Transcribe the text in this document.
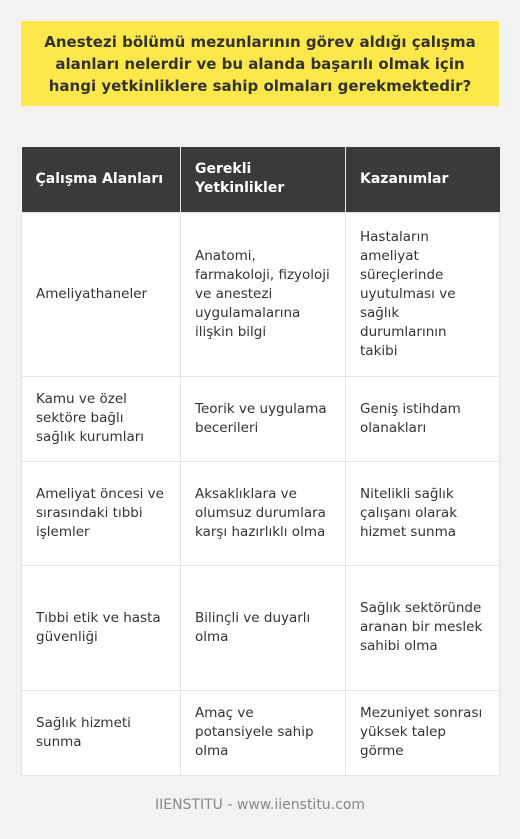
Anestezi bölümü mezunlarının görev aldığı çalışma alanları nelerdir ve bu alanda başarılı olmak için hangi yetkinliklere sahip olmaları gerekmektedir?

Çalışma Alanları	Gerekli Yetkinlikler	Kazanımlar
Ameliyathaneler	Anatomi, farmakoloji, fizyoloji ve anestezi uygulamalarına ilişkin bilgi	Hastaların ameliyat süreçlerinde uyutulması ve sağlık durumlarının takibi
Kamu ve özel sektöre bağlı sağlık kurumları	Teorik ve uygulama becerileri	Geniş istihdam olanakları
Ameliyat öncesi ve sırasındaki tıbbi işlemler	Aksaklıklara ve olumsuz durumlara karşı hazırlıklı olma	Nitelikli sağlık çalışanı olarak hizmet sunma
Tıbbi etik ve hasta güvenliği	Bilinçli ve duyarlı olma	Sağlık sektöründe aranan bir meslek sahibi olma
Sağlık hizmeti sunma	Amaç ve potansiyele sahip olma	Mezuniyet sonrası yüksek talep görme
IIENSTITU - www.iienstitu.com
